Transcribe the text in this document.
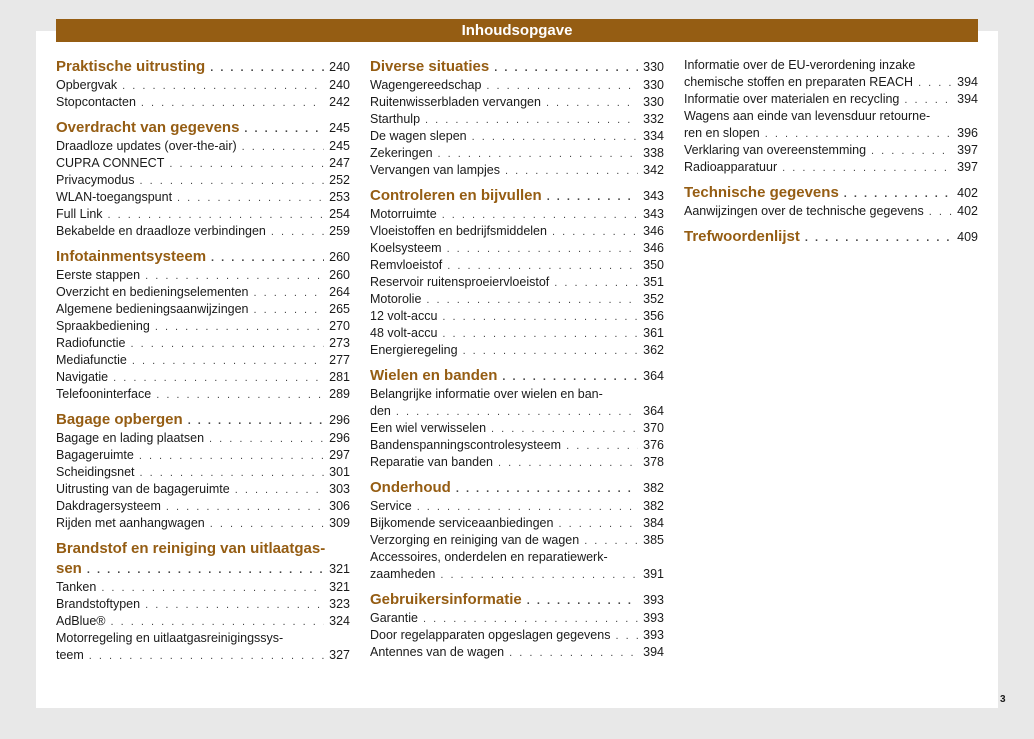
Inhoudsopgave
Praktische uitrusting . . .	240
Opbergvak . . .	240
Stopcontacten . . .	242
Overdracht van gegevens . . .	245
Draadloze updates (over-the-air) . . .	245
CUPRA CONNECT . . .	247
Privacymodus . . .	252
WLAN-toegangspunt . . .	253
Full Link . . .	254
Bekabelde en draadloze verbindingen . . .	259
Infotainmentsysteem . . .	260
Eerste stappen . . .	260
Overzicht en bedieningselementen . . .	264
Algemene bedieningsaanwijzingen . . .	265
Spraakbediening . . .	270
Radiofunctie . . .	273
Mediafunctie . . .	277
Navigatie . . .	281
Telefooninterface . . .	289
Bagage opbergen . . .	296
Bagage en lading plaatsen . . .	296
Bagageruimte . . .	297
Scheidingsnet . . .	301
Uitrusting van de bagageruimte . . .	303
Dakdragersysteem . . .	306
Rijden met aanhangwagen . . .	309
Brandstof en reiniging van uitlaatgas-
sen . . .	321
Tanken . . .	321
Brandstoftypen . . .	323
AdBlue® . . .	324
Motorregeling en uitlaatgasreinigingssys-
teem . . .	327
Diverse situaties . . .	330
Wagengereedschap . . .	330
Ruitenwisserbladen vervangen . . .	330
Starthulp . . .	332
De wagen slepen . . .	334
Zekeringen . . .	338
Vervangen van lampjes . . .	342
Controleren en bijvullen . . .	343
Motorruimte . . .	343
Vloeistoffen en bedrijfsmiddelen . . .	346
Koelsysteem . . .	346
Remvloeistof . . .	350
Reservoir ruitensproeiervloeistof . . .	351
Motorolie . . .	352
12 volt-accu . . .	356
48 volt-accu . . .	361
Energieregeling . . .	362
Wielen en banden . . .	364
Belangrijke informatie over wielen en ban-
den . . .	364
Een wiel verwisselen . . .	370
Bandenspanningscontrolesysteem . . .	376
Reparatie van banden . . .	378
Onderhoud . . .	382
Service . . .	382
Bijkomende serviceaanbiedingen . . .	384
Verzorging en reiniging van de wagen . . .	385
Accessoires, onderdelen en reparatiewerk-
zaamheden . . .	391
Gebruikersinformatie . . .	393
Garantie . . .	393
Door regelapparaten opgeslagen gegevens . . .	393
Antennes van de wagen . . .	394
Informatie over de EU-verordening inzake
chemische stoffen en preparaten REACH . . .	394
Informatie over materialen en recycling . . .	394
Wagens aan einde van levensduur retourne-
ren en slopen . . .	396
Verklaring van overeenstemming . . .	397
Radioapparatuur . . .	397
Technische gegevens . . .	402
Aanwijzingen over de technische gegevens . . .	402
Trefwoordenlijst . . .	409
3
